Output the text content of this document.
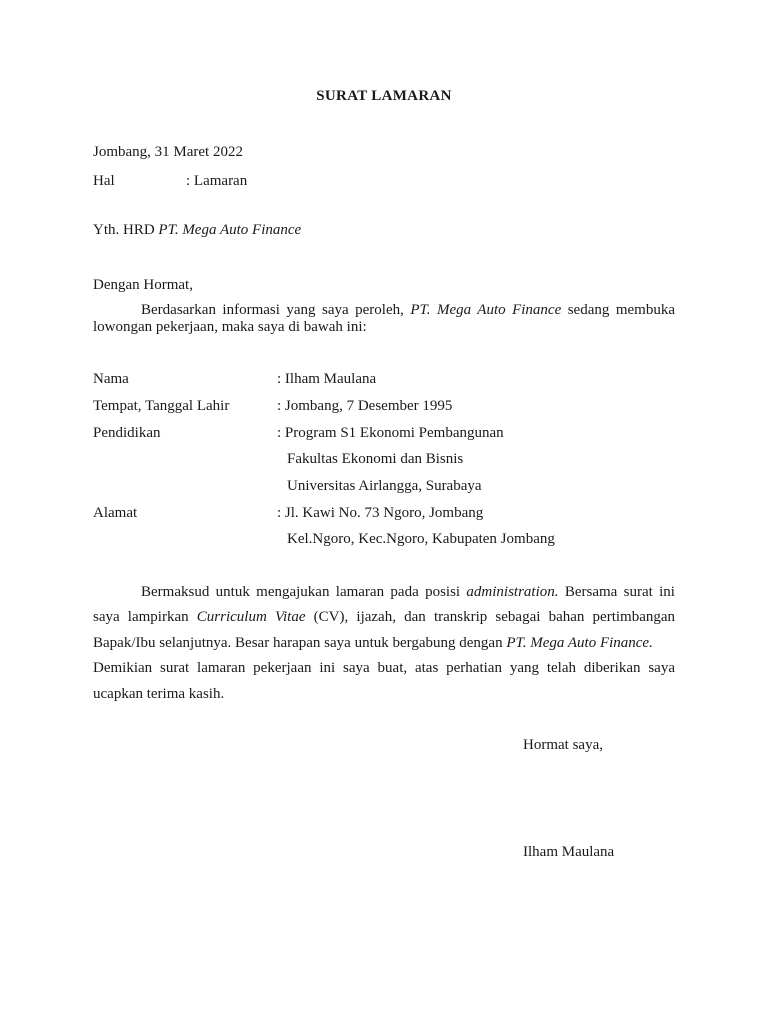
SURAT LAMARAN
Jombang, 31 Maret 2022
Hal	: Lamaran
Yth. HRD PT. Mega Auto Finance
Dengan Hormat,
Berdasarkan informasi yang saya peroleh, PT. Mega Auto Finance sedang membuka
lowongan pekerjaan, maka saya di bawah ini:
Nama	: Ilham Maulana
Tempat, Tanggal Lahir	: Jombang, 7 Desember 1995
Pendidikan	: Program S1 Ekonomi Pembangunan
Fakultas Ekonomi dan Bisnis
Universitas Airlangga, Surabaya
Alamat	: Jl. Kawi No. 73 Ngoro, Jombang
Kel.Ngoro, Kec.Ngoro, Kabupaten Jombang
Bermaksud untuk mengajukan lamaran pada posisi administration. Bersama surat ini
saya lampirkan Curriculum Vitae (CV), ijazah, dan transkrip sebagai bahan pertimbangan
Bapak/Ibu selanjutnya. Besar harapan saya untuk bergabung dengan PT. Mega Auto Finance.
Demikian surat lamaran pekerjaan ini saya buat, atas perhatian yang telah diberikan saya
ucapkan terima kasih.
Hormat saya,
Ilham Maulana
